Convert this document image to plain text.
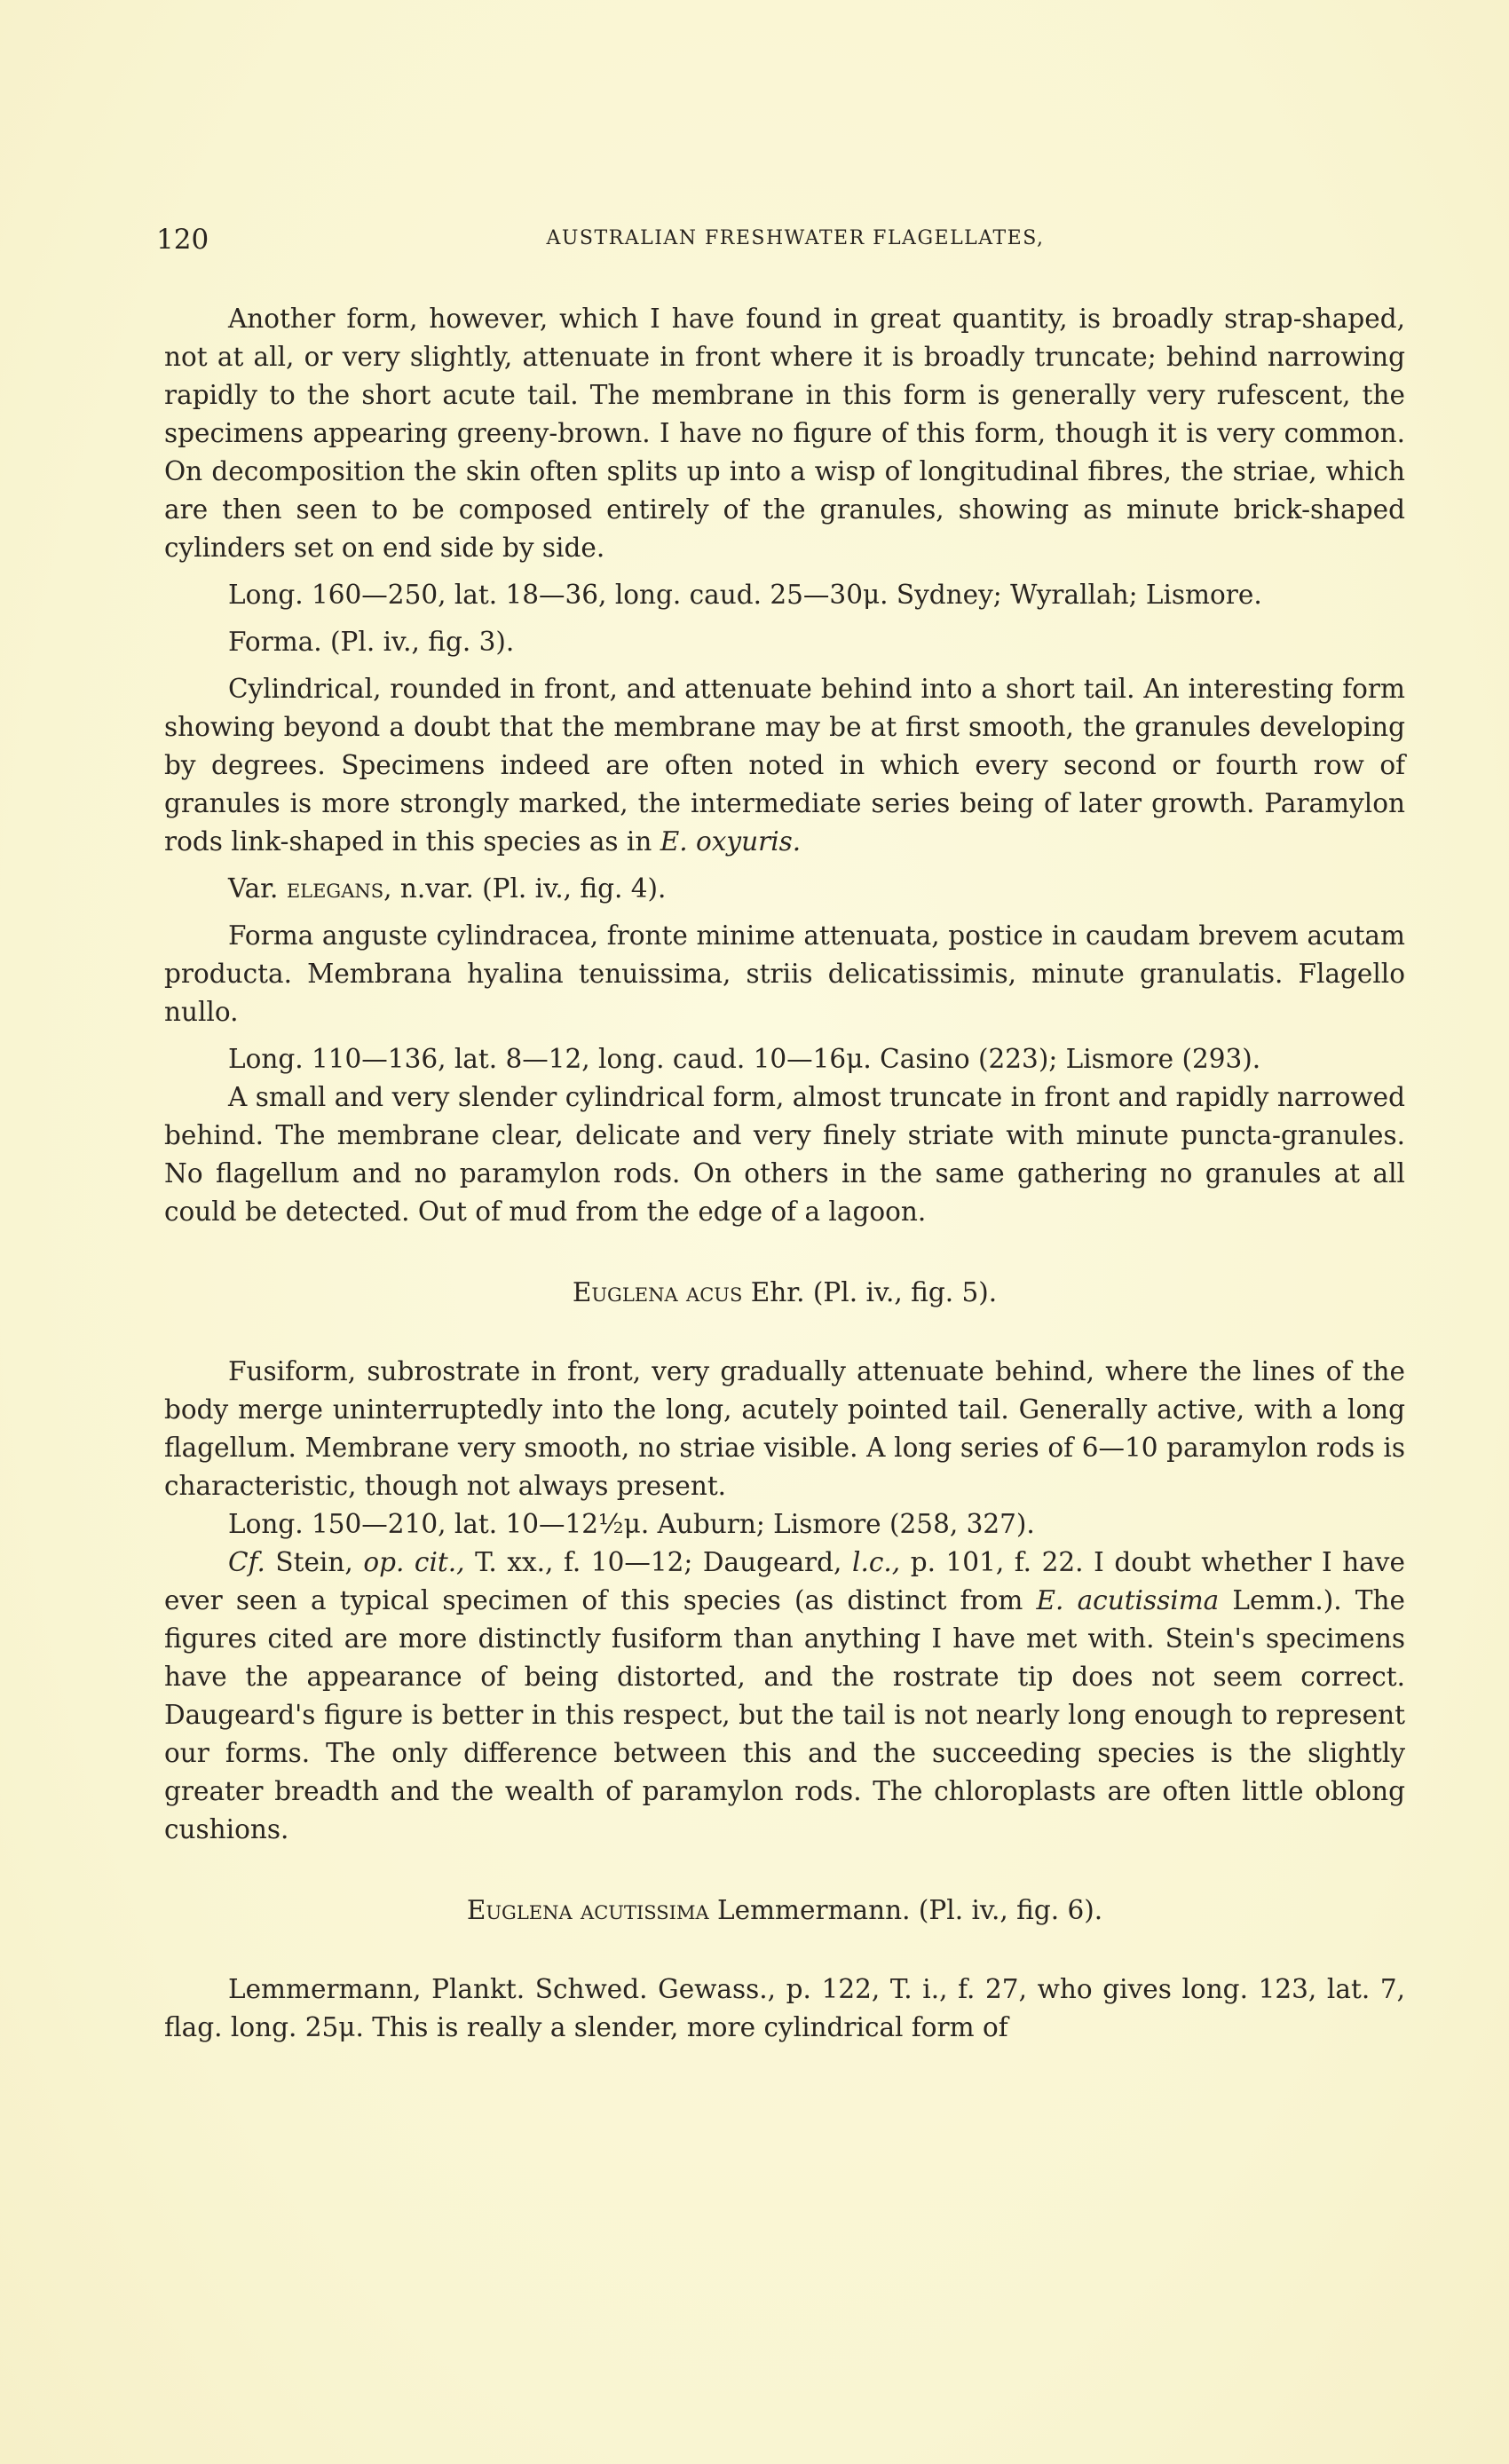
120	AUSTRALIAN FRESHWATER FLAGELLATES,

Another form, however, which I have found in great quantity, is broadly strap-shaped, not at all, or very slightly, attenuate in front where it is broadly truncate; behind narrowing rapidly to the short acute tail. The membrane in this form is generally very rufescent, the specimens appearing greeny-brown. I have no figure of this form, though it is very common. On decomposition the skin often splits up into a wisp of longitudinal fibres, the striae, which are then seen to be composed entirely of the granules, showing as minute brick-shaped cylinders set on end side by side.

Long. 160—250, lat. 18—36, long. caud. 25—30μ. Sydney; Wyrallah; Lismore.

Forma. (Pl. iv., fig. 3).

Cylindrical, rounded in front, and attenuate behind into a short tail. An interesting form showing beyond a doubt that the membrane may be at first smooth, the granules developing by degrees. Specimens indeed are often noted in which every second or fourth row of granules is more strongly marked, the intermediate series being of later growth. Paramylon rods link-shaped in this species as in E. oxyuris.

Var. elegans, n.var. (Pl. iv., fig. 4).

Forma anguste cylindracea, fronte minime attenuata, postice in caudam brevem acutam producta. Membrana hyalina tenuissima, striis delicatissimis, minute granulatis. Flagello nullo.

Long. 110—136, lat. 8—12, long. caud. 10—16μ. Casino (223); Lismore (293).

A small and very slender cylindrical form, almost truncate in front and rapidly narrowed behind. The membrane clear, delicate and very finely striate with minute puncta-granules. No flagellum and no paramylon rods. On others in the same gathering no granules at all could be detected. Out of mud from the edge of a lagoon.

Euglena acus Ehr. (Pl. iv., fig. 5).

Fusiform, subrostrate in front, very gradually attenuate behind, where the lines of the body merge uninterruptedly into the long, acutely pointed tail. Generally active, with a long flagellum. Membrane very smooth, no striae visible. A long series of 6—10 paramylon rods is characteristic, though not always present.

Long. 150—210, lat. 10—12½μ. Auburn; Lismore (258, 327).

Cf. Stein, op. cit., T. xx., f. 10—12; Daugeard, l.c., p. 101, f. 22. I doubt whether I have ever seen a typical specimen of this species (as distinct from E. acutissima Lemm.). The figures cited are more distinctly fusiform than anything I have met with. Stein's specimens have the appearance of being distorted, and the rostrate tip does not seem correct. Daugeard's figure is better in this respect, but the tail is not nearly long enough to represent our forms. The only difference between this and the succeeding species is the slightly greater breadth and the wealth of paramylon rods. The chloroplasts are often little oblong cushions.

Euglena acutissima Lemmermann. (Pl. iv., fig. 6).

Lemmermann, Plankt. Schwed. Gewass., p. 122, T. i., f. 27, who gives long. 123, lat. 7, flag. long. 25μ. This is really a slender, more cylindrical form of
